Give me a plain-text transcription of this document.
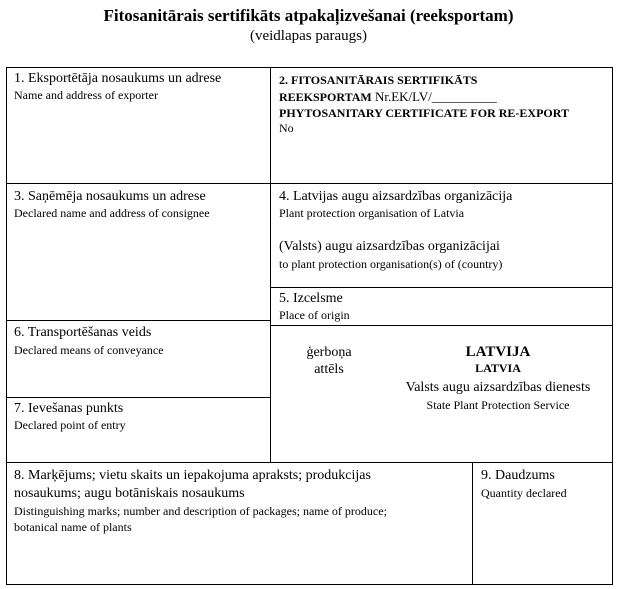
Fitosanitārais sertifikāts atpakaļizvešanai (reeksportam)
(veidlapas paraugs)
1. Eksportētāja nosaukums un adrese
Name and address of exporter
2. FITOSANITĀRAIS SERTIFIKĀTS
REEKSPORTAM Nr.EK/LV/__________
PHYTOSANITARY CERTIFICATE FOR RE-EXPORT
No
3. Saņēmēja nosaukums un adrese
Declared name and address of consignee
4. Latvijas augu aizsardzības organizācija
Plant protection organisation of Latvia
(Valsts) augu aizsardzības organizācijai
to plant protection organisation(s) of (country)
5. Izcelsme
Place of origin
6. Transportēšanas veids
Declared means of conveyance
7. Ievešanas punkts
Declared point of entry
ģerboņa
attēls
LATVIJA
LATVIA
Valsts augu aizsardzības dienests
State Plant Protection Service
8. Marķējums; vietu skaits un iepakojuma apraksts; produkcijas
nosaukums; augu botāniskais nosaukums
Distinguishing marks; number and description of packages; name of produce;
botanical name of plants
9. Daudzums
Quantity declared
